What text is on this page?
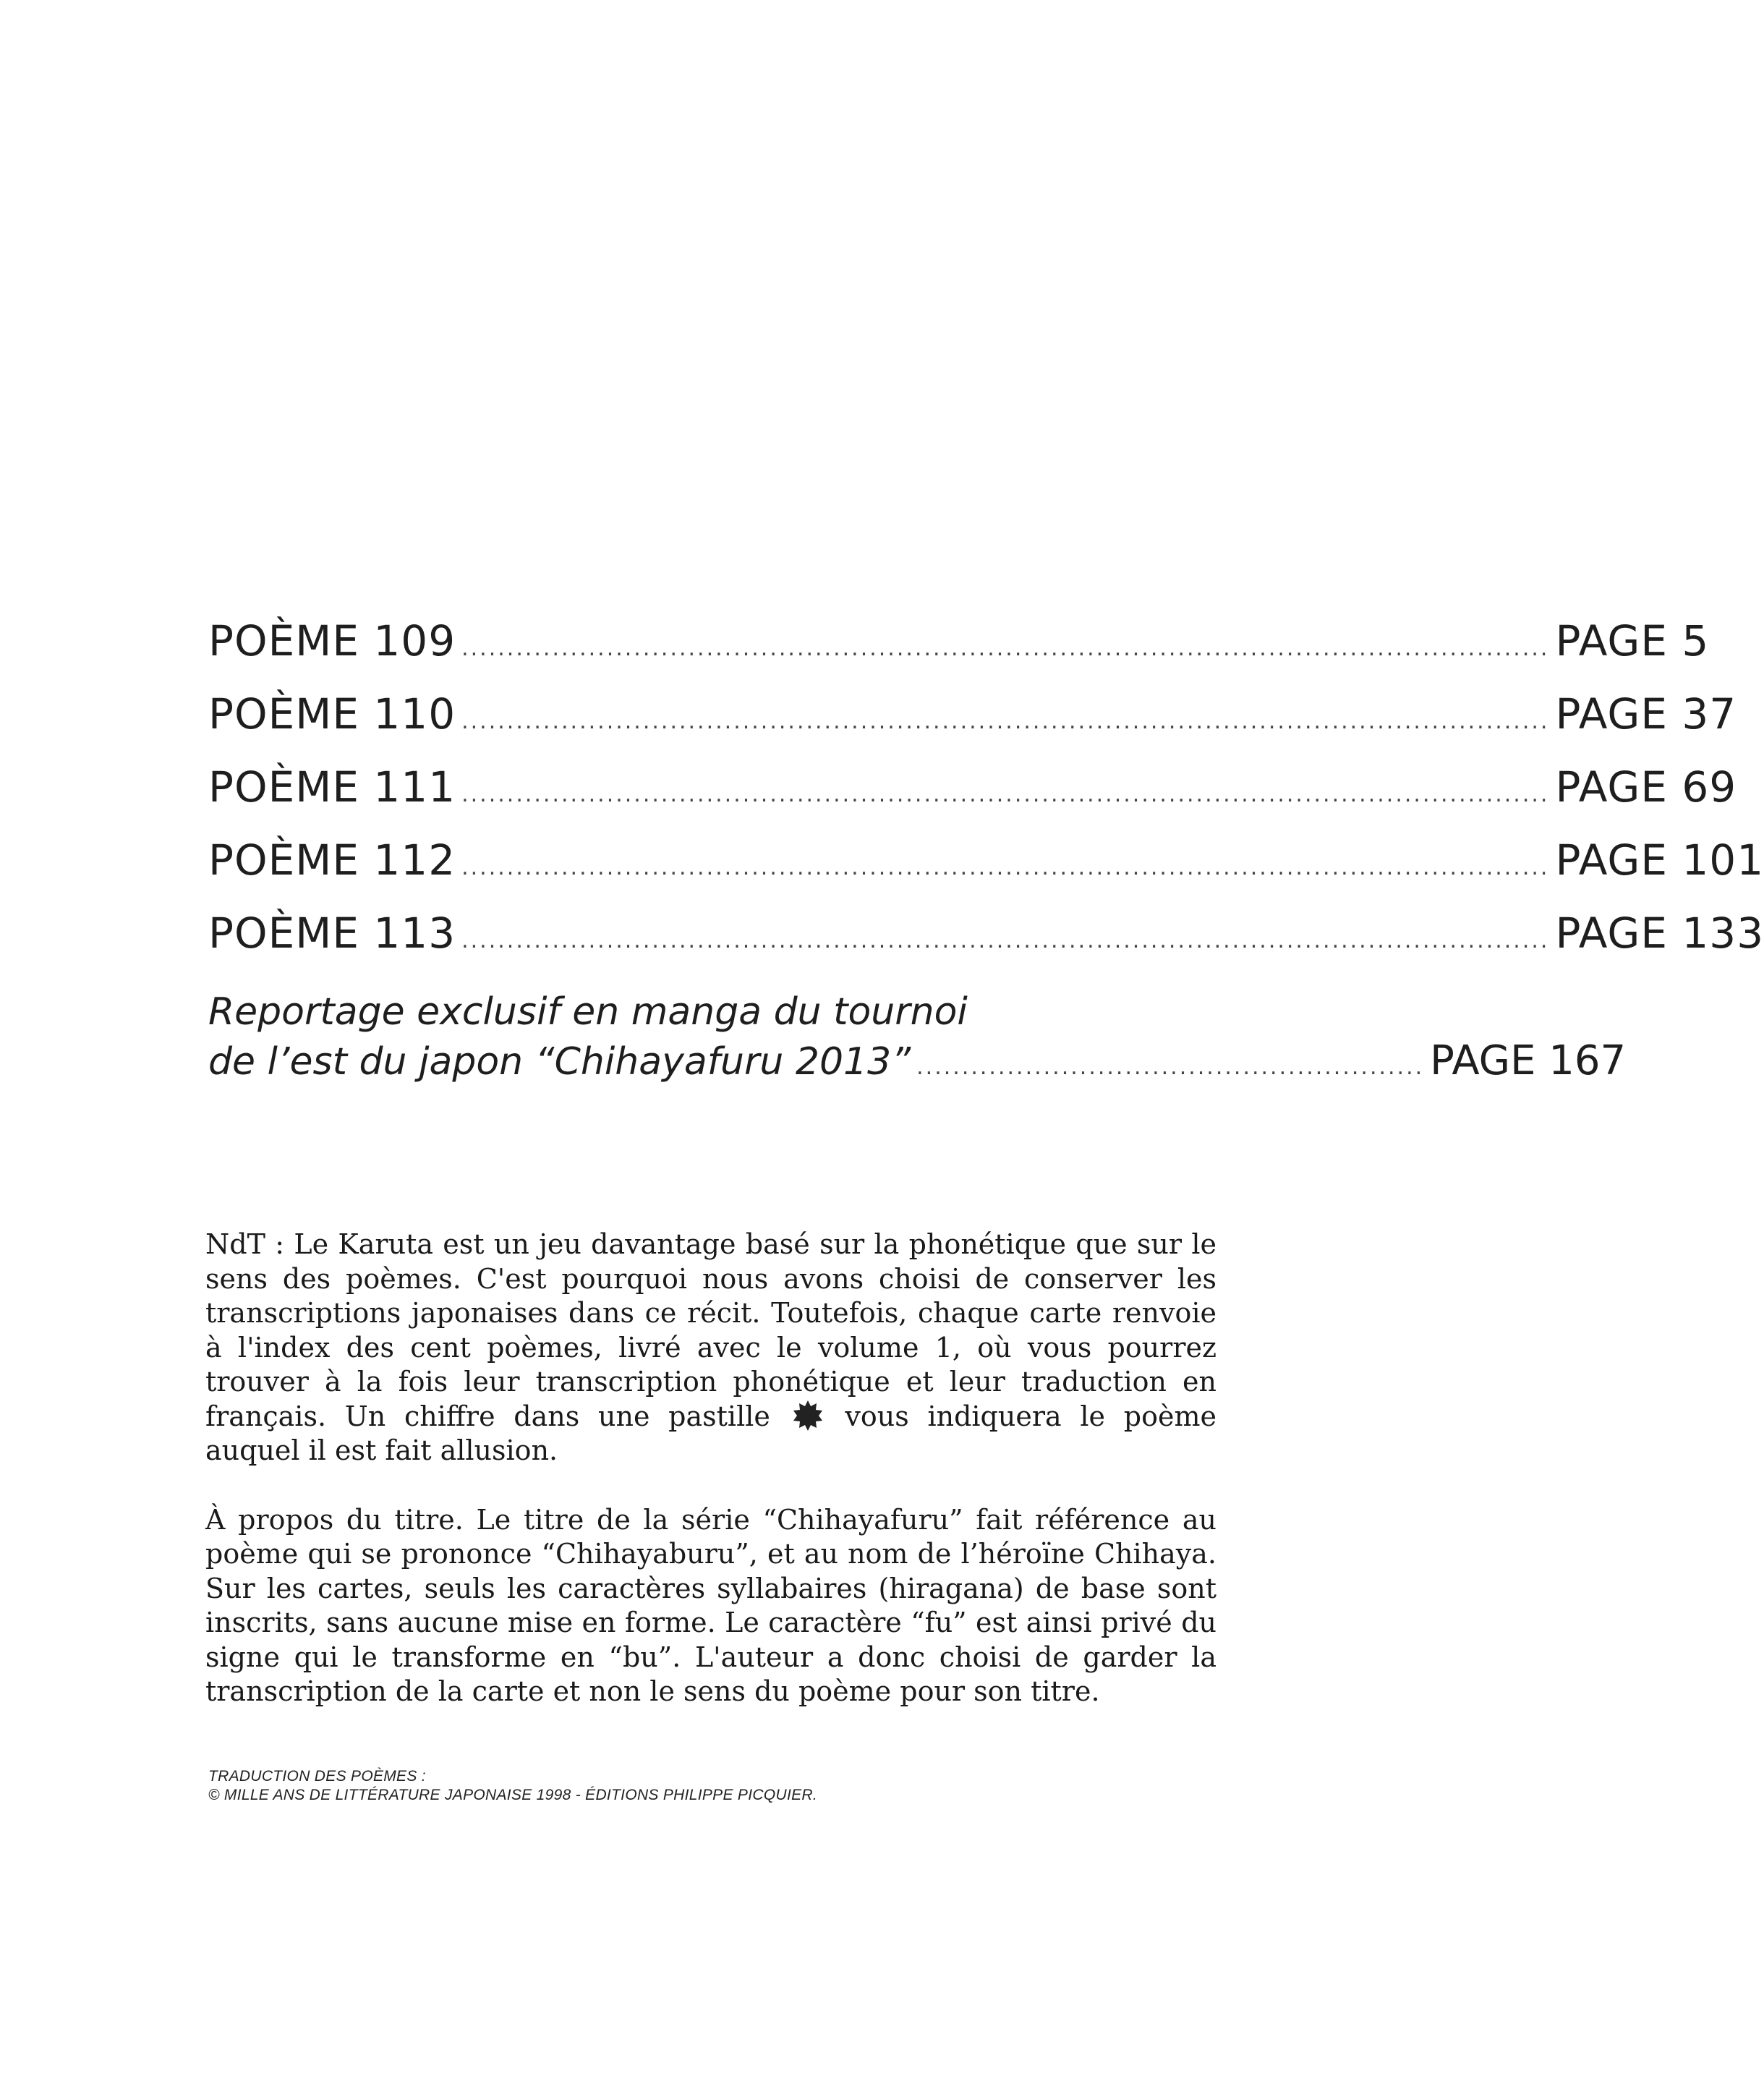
POÈME 109 ........................................................................................................................ PAGE 5
POÈME 110 ........................................................................................................................ PAGE 37
POÈME 111 ........................................................................................................................ PAGE 69
POÈME 112 ........................................................................................................................ PAGE 101
POÈME 113 ........................................................................................................................ PAGE 133
Reportage exclusif en manga du tournoi
de l’est du japon “Chihayafuru 2013” ........................................................ PAGE 167

NdT : Le Karuta est un jeu davantage basé sur la phonétique que sur le sens des poèmes. C'est pourquoi nous avons choisi de conserver les transcriptions japonaises dans ce récit. Toutefois, chaque carte renvoie à l'index des cent poèmes, livré avec le volume 1, où vous pourrez trouver à la fois leur transcription phonétique et leur traduction en français. Un chiffre dans une pastille	vous indiquera le poème auquel il est fait allusion.

À propos du titre. Le titre de la série “Chihayafuru” fait référence au poème qui se prononce “Chihayaburu”, et au nom de l’héroïne Chihaya. Sur les cartes, seuls les caractères syllabaires (hiragana) de base sont inscrits, sans aucune mise en forme. Le caractère “fu” est ainsi privé du signe qui le transforme en “bu”. L'auteur a donc choisi de garder la transcription de la carte et non le sens du poème pour son titre.

TRADUCTION DES POÈMES :
© MILLE ANS DE LITTÉRATURE JAPONAISE 1998 - ÉDITIONS PHILIPPE PICQUIER.
